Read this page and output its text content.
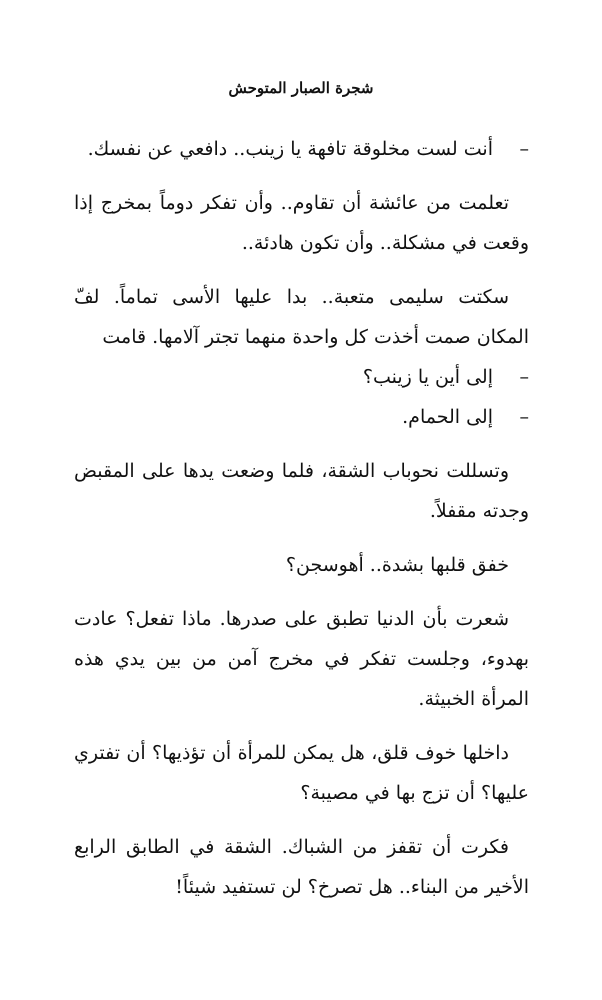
شجرة الصبار المتوحش
–
أنت لست مخلوقة تافهة يا زينب.. دافعي عن نفسك.

تعلمت من عائشة أن تقاوم.. وأن تفكر دوماً بمخرج إذا وقعت في مشكلة.. وأن تكون هادئة..

سكتت سليمى متعبة.. بدا عليها الأسى تماماً. لفّ المكان صمت أخذت كل واحدة منهما تجتر آلامها. قامت

–
إلى أين يا زينب؟
–
إلى الحمام.

وتسللت نحوباب الشقة، فلما وضعت يدها على المقبض وجدته مقفلاً.

خفق قلبها بشدة.. أهوسجن؟

شعرت بأن الدنيا تطبق على صدرها. ماذا تفعل؟ عادت بهدوء، وجلست تفكر في مخرج آمن من بين يدي هذه المرأة الخبيثة.

داخلها خوف قلق، هل يمكن للمرأة أن تؤذيها؟ أن تفتري عليها؟ أن تزج بها في مصيبة؟

فكرت أن تقفز من الشباك. الشقة في الطابق الرابع الأخير من البناء.. هل تصرخ؟ لن تستفيد شيئاً!
